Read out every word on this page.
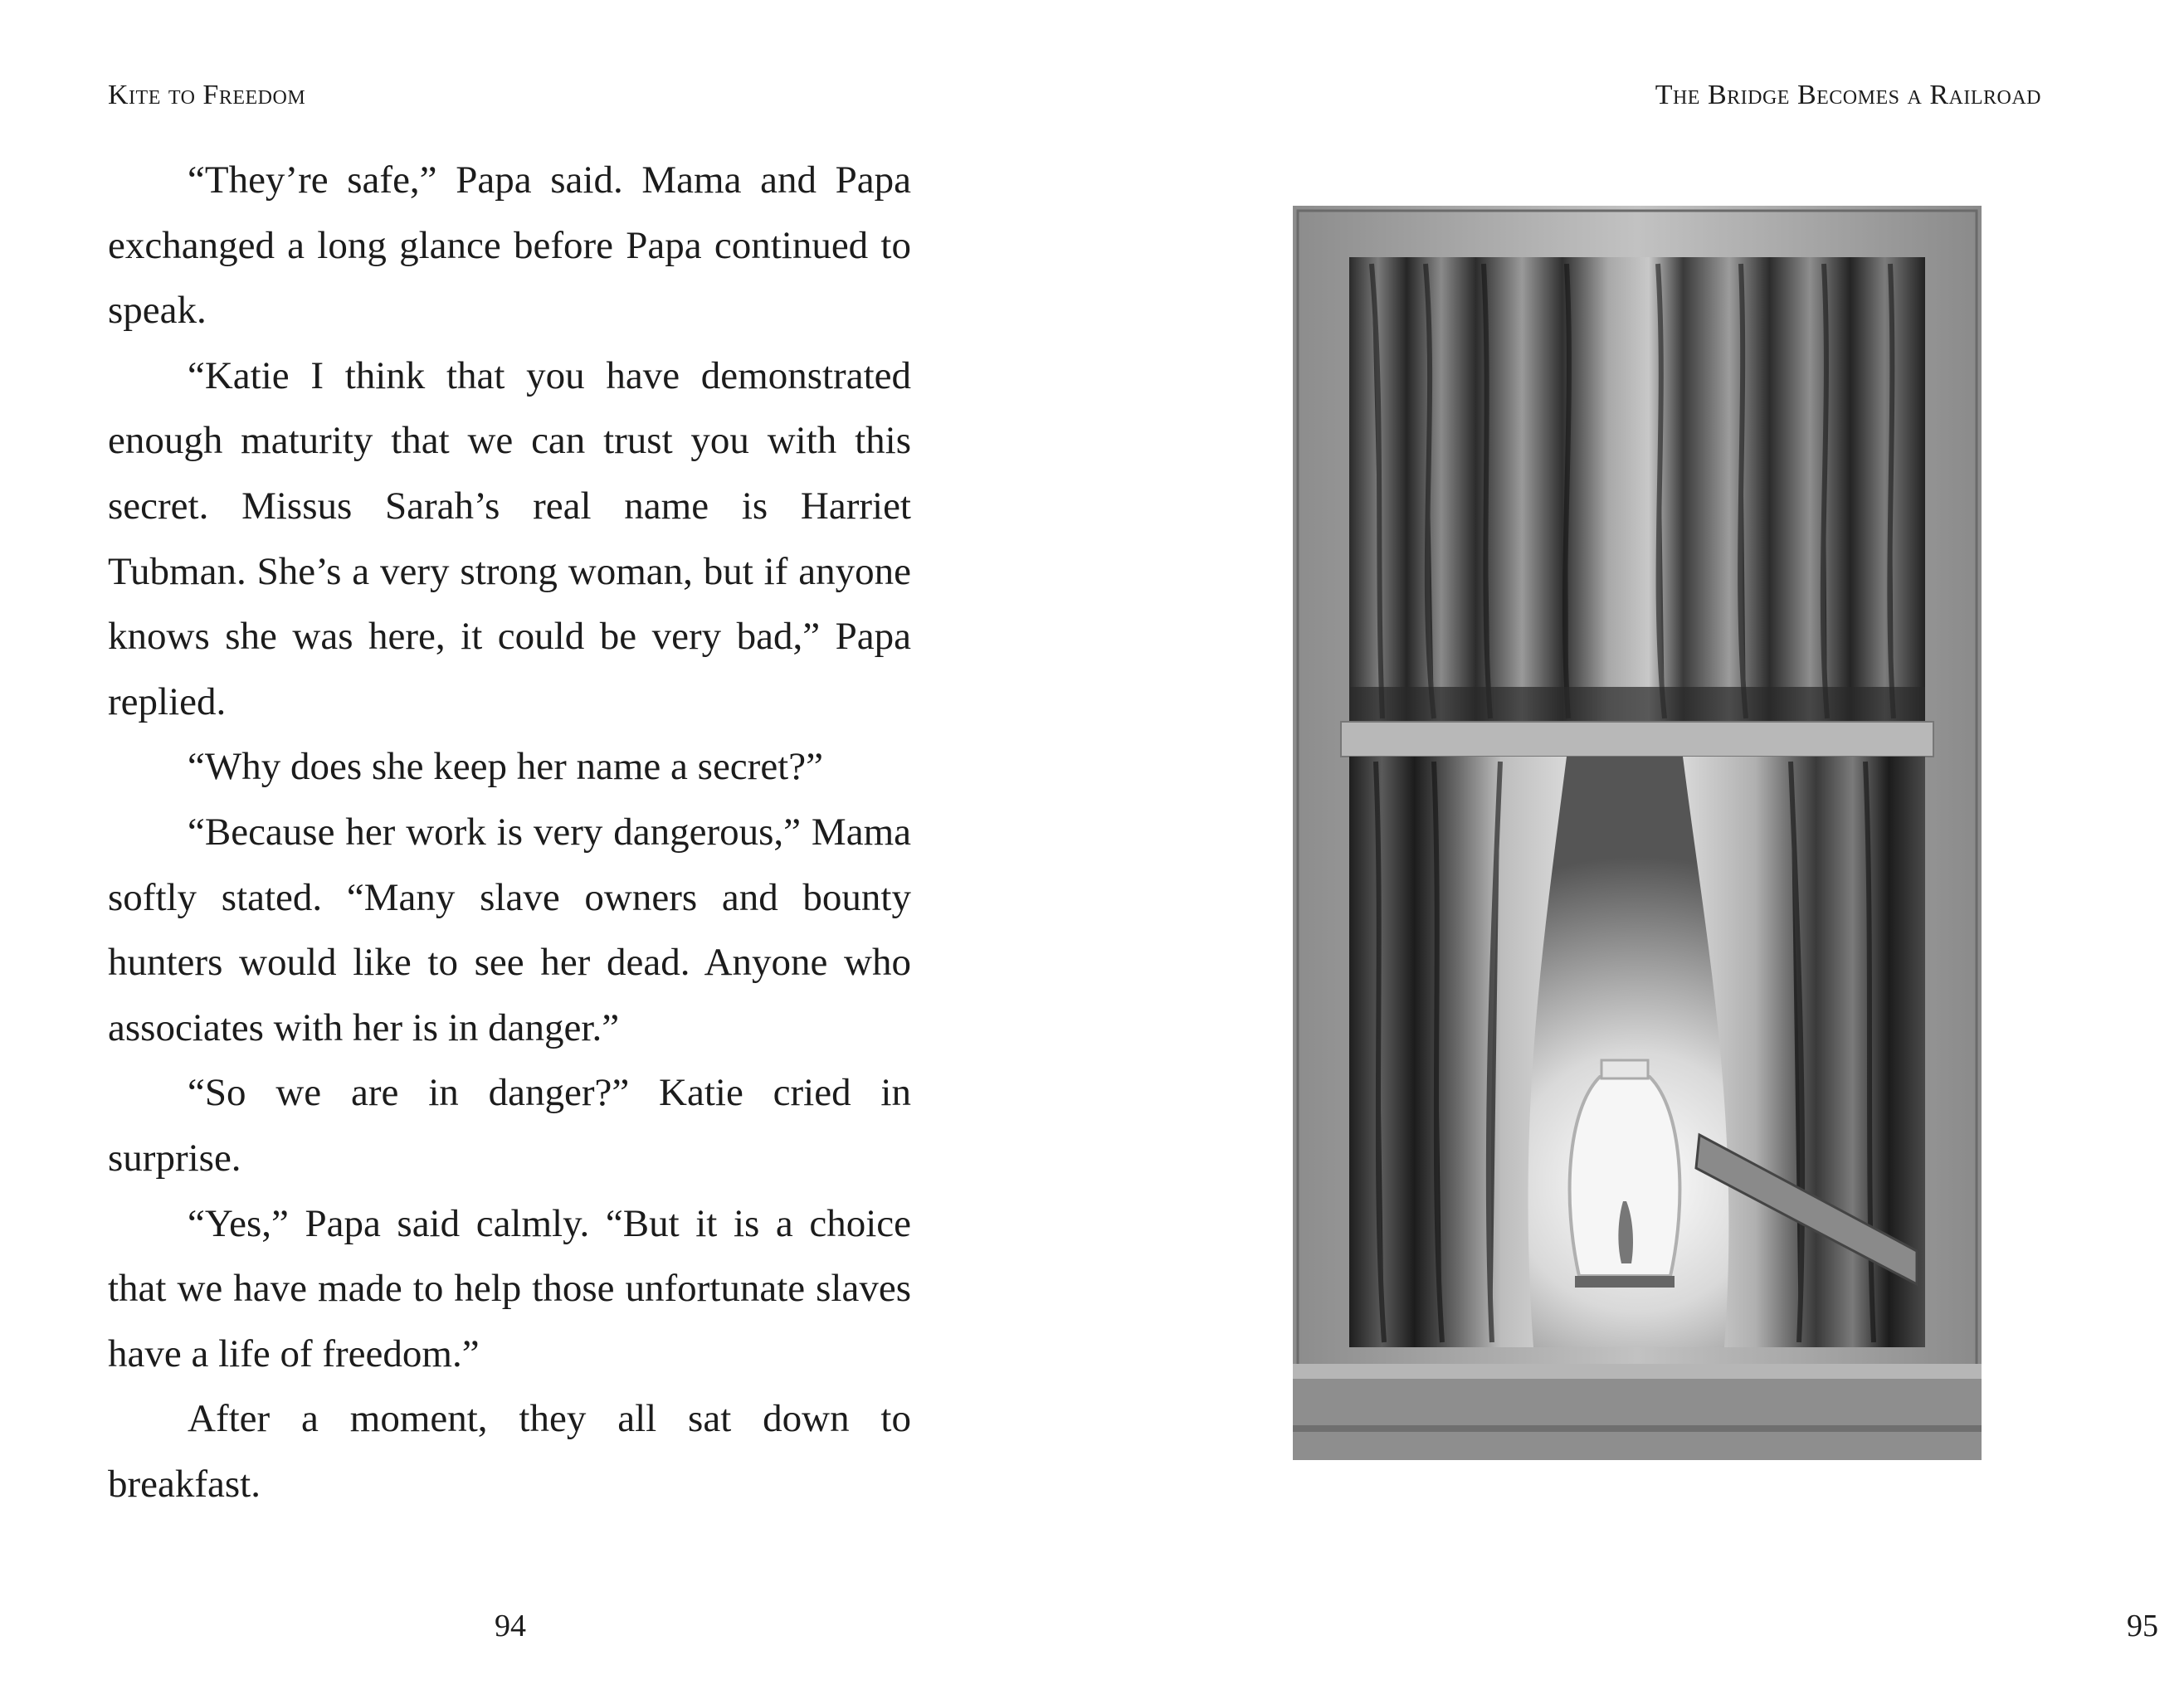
Kite to Freedom

“They’re safe,” Papa said. Mama and Papa exchanged a long glance before Papa continued to speak.

“Katie I think that you have demonstrated enough maturity that we can trust you with this secret. Missus Sarah’s real name is Harriet Tubman. She’s a very strong woman, but if anyone knows she was here, it could be very bad,” Papa replied.

“Why does she keep her name a secret?”

“Because her work is very dangerous,” Mama softly stated. “Many slave owners and bounty hunters would like to see her dead. Anyone who associates with her is in danger.”

“So we are in danger?” Katie cried in surprise.

“Yes,” Papa said calmly. “But it is a choice that we have made to help those unfortunate slaves have a life of freedom.”

After a moment, they all sat down to breakfast.

94
The Bridge Becomes a Railroad
95
